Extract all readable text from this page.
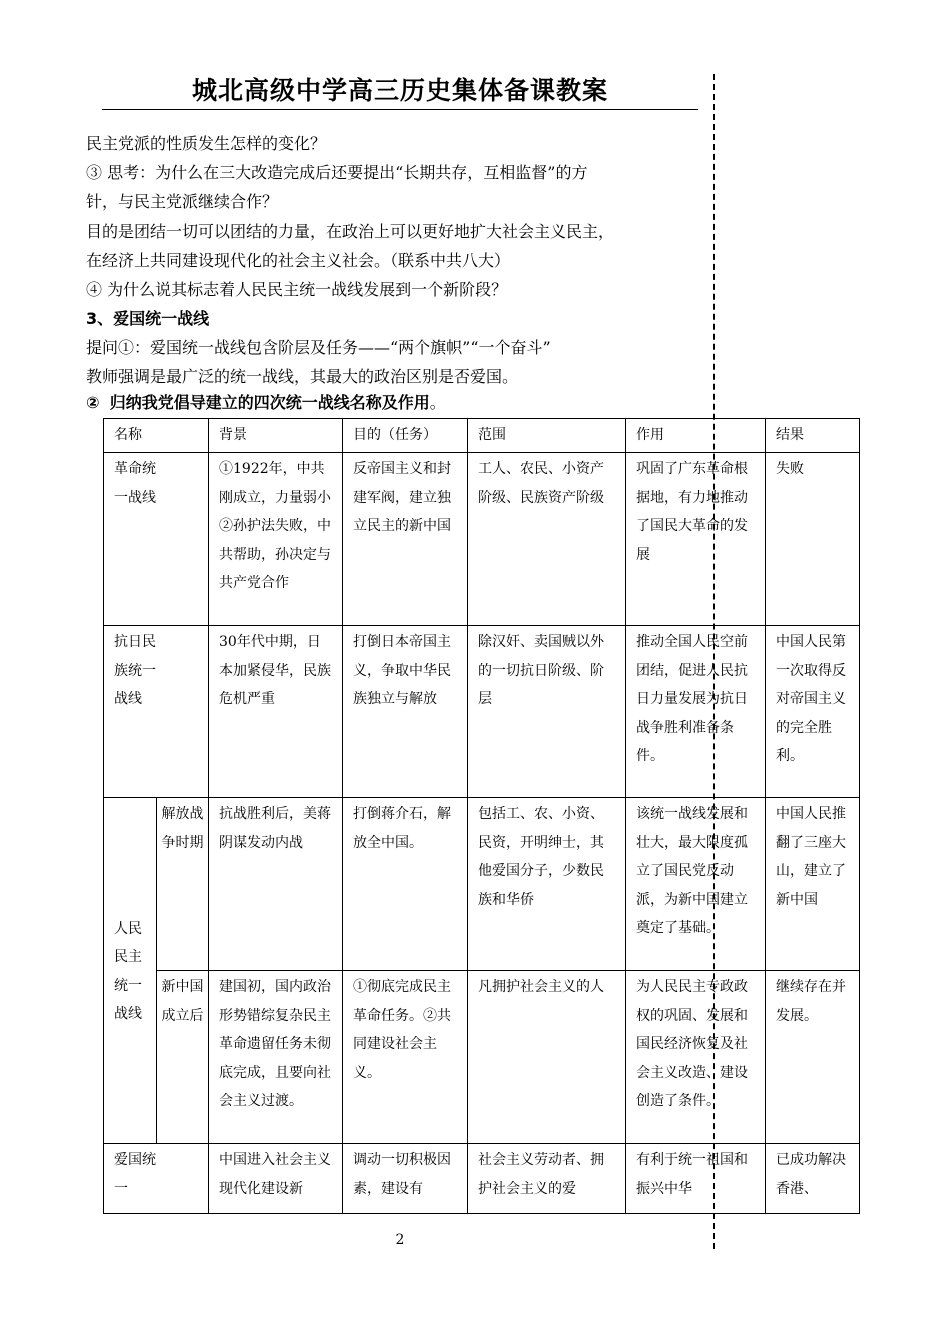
城北高级中学高三历史集体备课教案
民主党派的性质发生怎样的变化？
③ 思考：为什么在三大改造完成后还要提出“长期共存，互相监督”的方
针，与民主党派继续合作？
目的是团结一切可以团结的力量，在政治上可以更好地扩大社会主义民主，
在经济上共同建设现代化的社会主义社会。（联系中共八大）
④ 为什么说其标志着人民民主统一战线发展到一个新阶段？
3、爱国统一战线
提问①：爱国统一战线包含阶层及任务——“两个旗帜”“一个奋斗”
教师强调是最广泛的统一战线，其最大的政治区别是否爱国。
② 归纳我党倡导建立的四次统一战线名称及作用。
名称		背景	目的（任务）	范围	作用	结果
革命统一战线		①1922年，中共刚成立，力量弱小②孙护法失败，中共帮助，孙决定与共产党合作	反帝国主义和封建军阀，建立独立民主的新中国	工人、农民、小资产阶级、民族资产阶级	巩固了广东革命根据地，有力地推动了国民大革命的发展	失败
抗日民族统一战线		30年代中期，日本加紧侵华，民族危机严重	打倒日本帝国主义，争取中华民族独立与解放	除汉奸、卖国贼以外的一切抗日阶级、阶层	推动全国人民空前团结，促进人民抗日力量发展为抗日战争胜利准备条件。	中国人民第一次取得反对帝国主义的完全胜利。
人民民主统一战线	解放战争时期	抗战胜利后，美蒋阴谋发动内战	打倒蒋介石，解放全中国。	包括工、农、小资、民资，开明绅士，其他爱国分子，少数民族和华侨	该统一战线发展和壮大，最大限度孤立了国民党反动派，为新中国建立奠定了基础。	中国人民推翻了三座大山，建立了新中国
	新中国成立后	建国初，国内政治形势错综复杂民主革命遗留任务未彻底完成，且要向社会主义过渡。	①彻底完成民主革命任务。②共同建设社会主义。	凡拥护社会主义的人	为人民民主专政政权的巩固、发展和国民经济恢复及社会主义改造、建设创造了条件。	继续存在并发展。
爱国统一		中国进入社会主义现代化建设新	调动一切积极因素，建设有	社会主义劳动者、拥护社会主义的爱	有利于统一祖国和振兴中华	已成功解决香港、
2
